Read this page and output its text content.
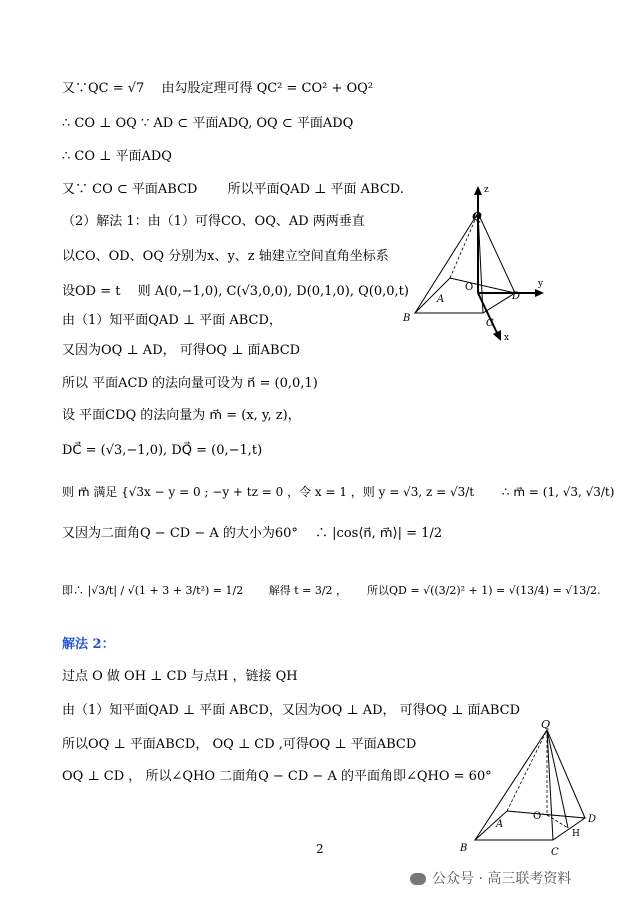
又∵QC = √7　 由勾股定理可得 QC² = CO² + OQ²
∴ CO ⊥ OQ ∵ AD ⊂ 平面ADQ, OQ ⊂ 平面ADQ
∴ CO ⊥ 平面ADQ
又∵ CO ⊂ 平面ABCD　　 所以平面QAD ⊥ 平面 ABCD.
（2）解法 1：由（1）可得CO、OQ、AD 两两垂直
以CO、OD、OQ 分别为x、y、z 轴建立空间直角坐标系
设OD = t　 则 A(0,−1,0), C(√3,0,0), D(0,1,0), Q(0,0,t)
由（1）知平面QAD ⊥ 平面 ABCD，
又因为OQ ⊥ AD， 可得OQ ⊥ 面ABCD
所以 平面ACD 的法向量可设为 n⃗ = (0,0,1)
设 平面CDQ 的法向量为 m⃗ = (x, y, z)，
DC⃗ = (√3,−1,0), DQ⃗ = (0,−1,t)
则 m⃗ 满足 {√3x − y = 0 ; −y + tz = 0 ，令 x = 1 ，则 y = √3, z = √3/t　　 ∴ m⃗ = (1, √3, √3/t)
又因为二面角Q − CD − A 的大小为60°　 ∴ |cos⟨n⃗, m⃗⟩| = 1/2
即∴ |√3/t| / √(1 + 3 + 3/t²) = 1/2　　 解得 t = 3/2 ，　　 所以QD = √((3/2)² + 1) = √(13/4) = √13/2.
解法 2：
过点 O 做 OH ⊥ CD 与点H ，链接 QH
由（1）知平面QAD ⊥ 平面 ABCD，又因为OQ ⊥ AD， 可得OQ ⊥ 面ABCD
所以OQ ⊥ 平面ABCD， OQ ⊥ CD ,可得OQ ⊥ 平面ABCD
OQ ⊥ CD ， 所以∠QHO 二面角Q − CD − A 的平面角即∠QHO = 60°
z
Q
O	y
A	D
B	C
x
Q
A
O	D
H
B	C
2
公众号 · 高三联考资料
